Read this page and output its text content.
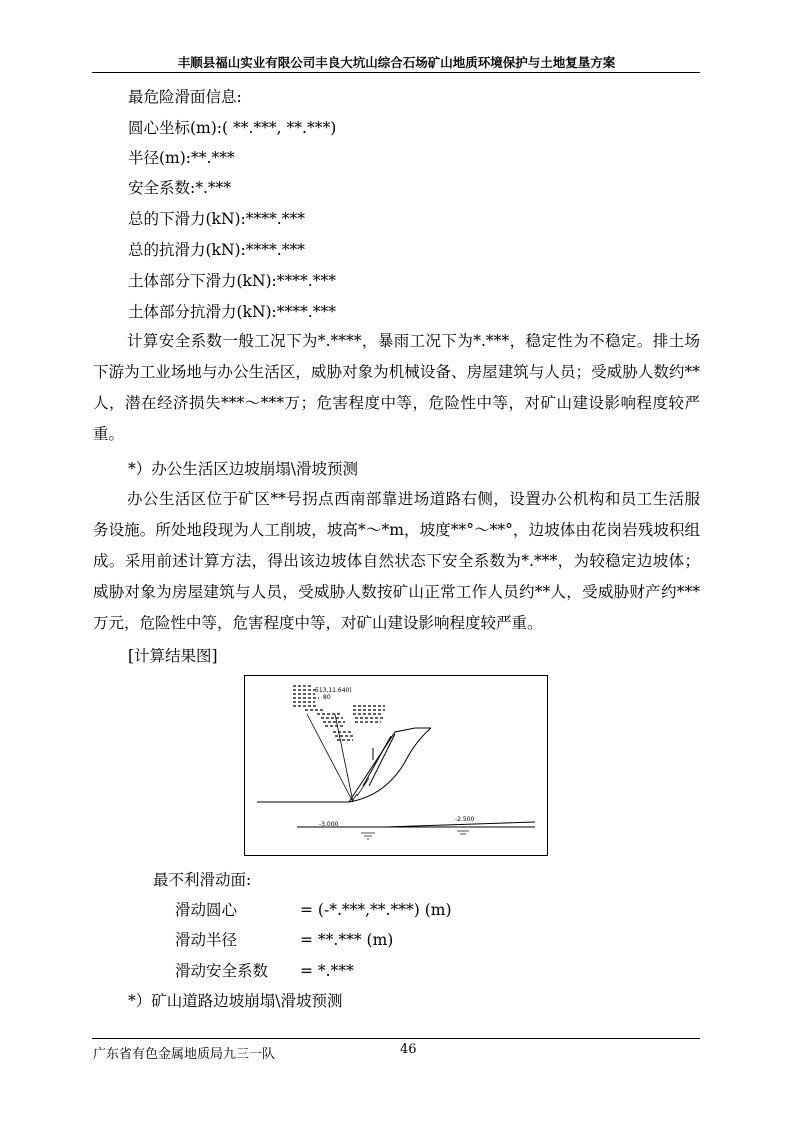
丰顺县福山实业有限公司丰良大坑山综合石场矿山地质环境保护与土地复垦方案
最危险滑面信息:
圆心坐标(m):( **.***, **.***)
半径(m):**.***
安全系数:*.***
总的下滑力(kN):****.***
总的抗滑力(kN):****.***
土体部分下滑力(kN):****.***
土体部分抗滑力(kN):****.***
计算安全系数一般工况下为*.****，暴雨工况下为*.***，稳定性为不稳定。排土场下游为工业场地与办公生活区，威胁对象为机械设备、房屋建筑与人员；受威胁人数约**人，潜在经济损失***～***万；危害程度中等，危险性中等，对矿山建设影响程度较严重。
*）办公生活区边坡崩塌\滑坡预测
办公生活区位于矿区**号拐点西南部靠进场道路右侧，设置办公机构和员工生活服务设施。所处地段现为人工削坡，坡高*～*m，坡度**°～**°，边坡体由花岗岩残坡积组成。采用前述计算方法，得出该边坡体自然状态下安全系数为*.***，为较稳定边坡体；威胁对象为房屋建筑与人员，受威胁人数按矿山正常工作人员约**人，受威胁财产约***万元，危险性中等，危害程度中等，对矿山建设影响程度较严重。
[计算结果图]
513,11.640)
80
-3.000
-2.500
最不利滑动面:
滑动圆心	= (-*.***,**.***) (m)
滑动半径	= **.*** (m)
滑动安全系数 = *.***
*）矿山道路边坡崩塌\滑坡预测
广东省有色金属地质局九三一队	46
